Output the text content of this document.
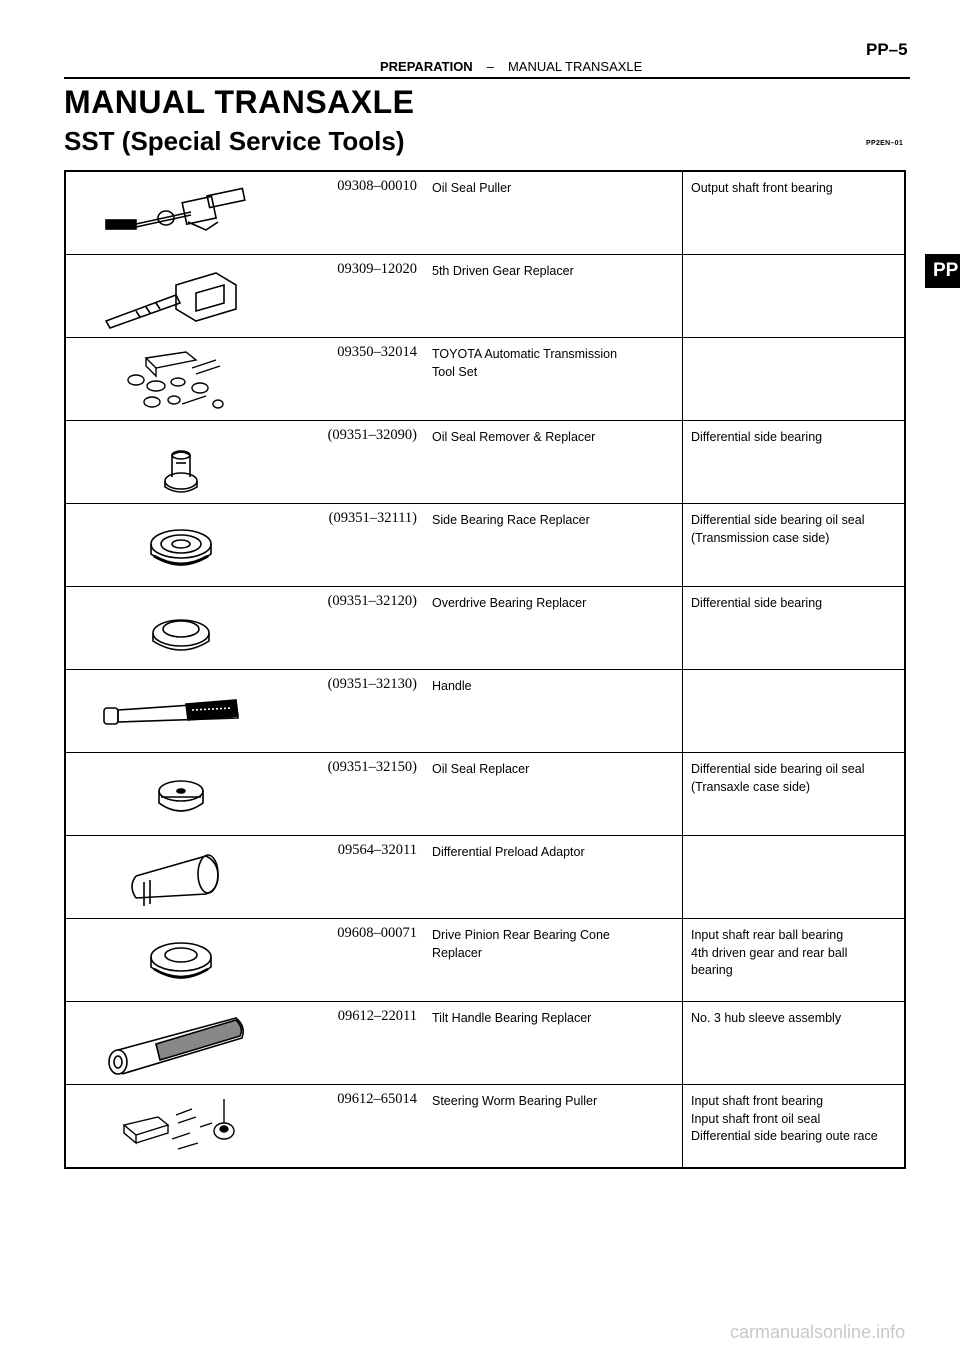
PP–5
PREPARATION – MANUAL TRANSAXLE
MANUAL TRANSAXLE
SST (Special Service Tools)	PP2EN–01
PP
09308–00010	Oil Seal Puller	Output shaft front bearing
09309–12020	5th Driven Gear Replacer
09350–32014	TOYOTA Automatic Transmission
Tool Set
(09351–32090)	Oil Seal Remover & Replacer	Differential side bearing
(09351–32111)	Side Bearing Race Replacer	Differential side bearing oil seal
(Transmission case side)
(09351–32120)	Overdrive Bearing Replacer	Differential side bearing
(09351–32130)	Handle
(09351–32150)	Oil Seal Replacer	Differential side bearing oil seal
(Transaxle case side)
09564–32011	Differential Preload Adaptor
09608–00071	Drive Pinion Rear Bearing Cone
Replacer
Input shaft rear ball bearing
4th driven gear and rear ball
bearing
09612–22011	Tilt Handle Bearing Replacer	No. 3 hub sleeve assembly
09612–65014	Steering Worm Bearing Puller	Input shaft front bearing
Input shaft front oil seal
Differential side bearing oute race
carmanualsonline.info
